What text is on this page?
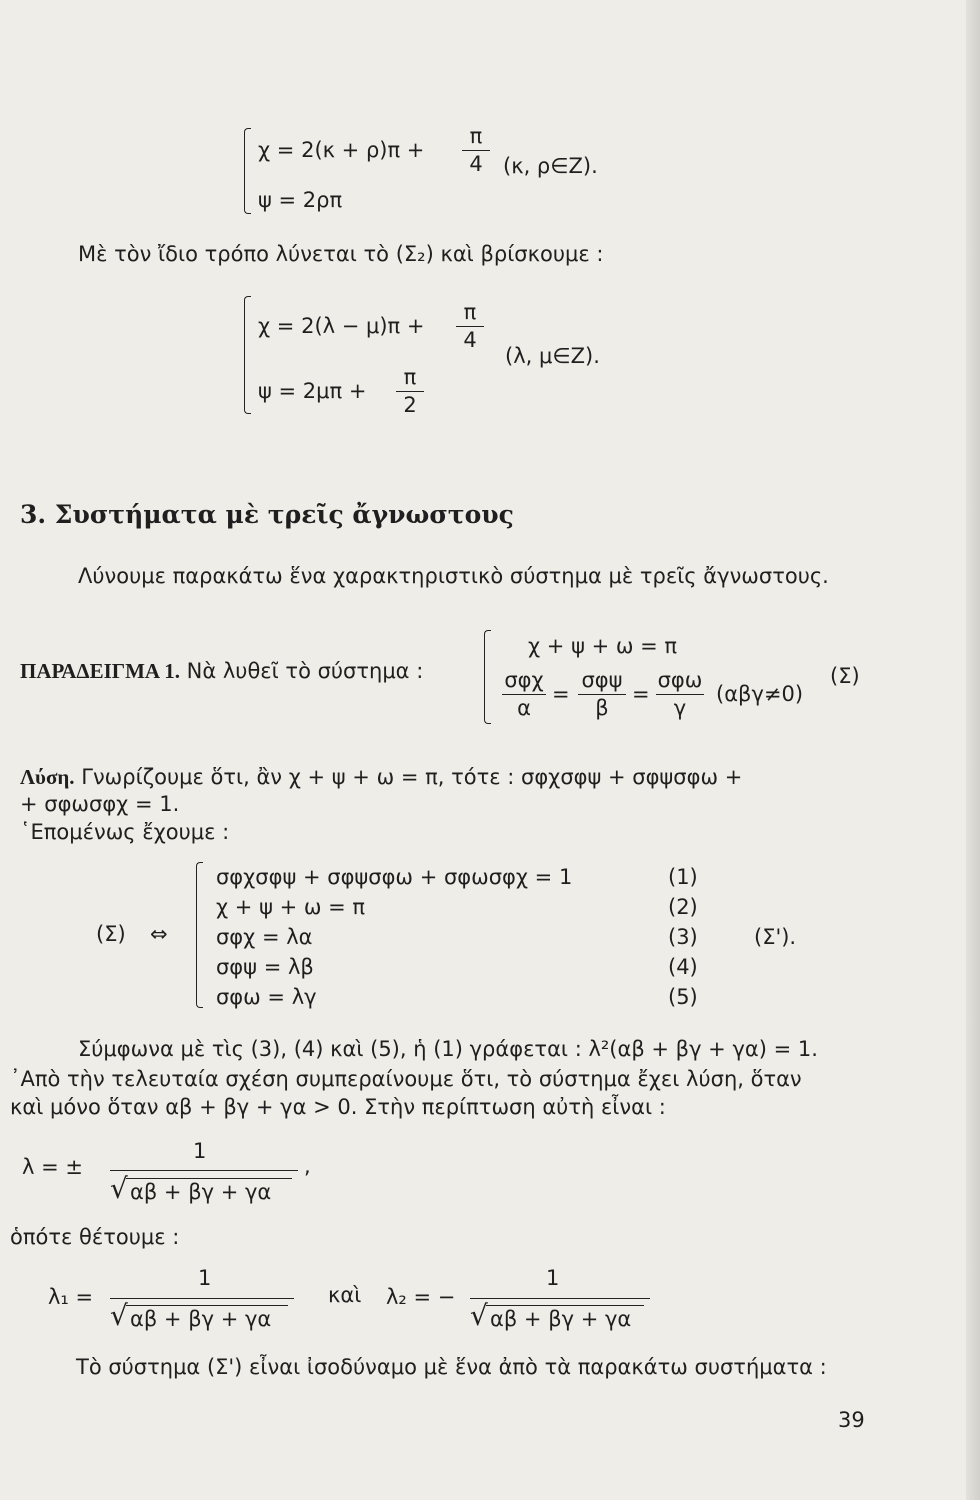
$\chi = 2(\kappa + \rho)\pi + \frac{\pi}{4} (\kappa$, ρ∈Z).
ψ = 2ρπ
Μὲ τὸν ἴδιο τρόπο λύνεται τὸ (Σ₂) καὶ βρίσκουμε :
$\chi = 2(\lambda - \mu)\pi + \frac{\pi}{4}$
(λ, μ∈Z).
$\psi = 2\mu\pi + \frac{\pi}{2}$
3. Συστήματα μὲ τρεῖς ἄγνωστους
Λύνουμε παρακάτω ἕνα χαρακτηριστικὸ σύστημα μὲ τρεῖς ἄγνωστους.
ΠΑΡΑΔΕΙΓΜΑ 1. Νὰ λυθεῖ τὸ σύστημα :
χ + ψ + ω = π
σφχ
α
=
σφψ
β
=
σφω
γ
(αβγ≠0)
(Σ)
Λύση. Γνωρίζουμε ὅτι, ἂν χ + ψ + ω = π, τότε : σφχσφψ + σφψσφω +
+ σφωσφχ = 1.
῾Επομένως ἔχουμε :
(Σ) ⇔
σφχσφψ + σφψσφω + σφωσφχ = 1	(1)
χ + ψ + ω = π	(2)
σφχ = λα	(3)
σφψ = λβ	(4)
σφω = λγ	(5)
(Σ').
Σύμφωνα μὲ τὶς (3), (4) καὶ (5), ἡ (1) γράφεται : λ²(αβ + βγ + γα) = 1.
᾿Απὸ τὴν τελευταία σχέση συμπεραίνουμε ὅτι, τὸ σύστημα ἔχει λύση, ὅταν
καὶ μόνο ὅταν αβ + βγ + γα > 0. Στὴν περίπτωση αὐτὴ εἶναι :
λ = ±
1
√ αβ + βγ + γα
,
ὁπότε θέτουμε :
λ₁ =
1
√ αβ + βγ + γα
καὶ λ₂ = −
1
√ αβ + βγ + γα
Τὸ σύστημα (Σ') εἶναι ἰσοδύναμο μὲ ἕνα ἀπὸ τὰ παρακάτω συστήματα :
39
